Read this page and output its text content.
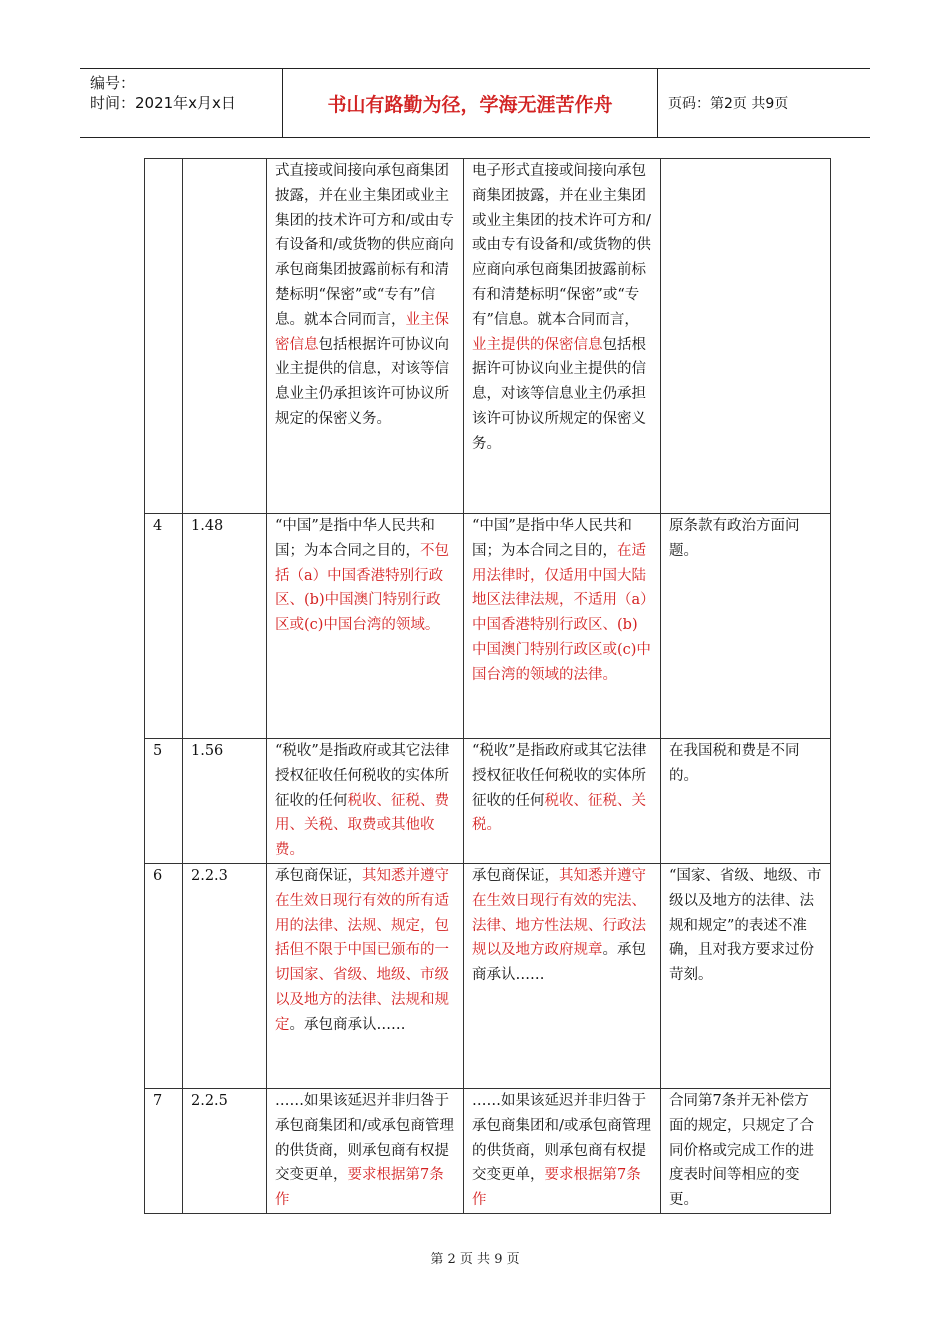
编号：
时间：2021年x月x日	书山有路勤为径，学海无涯苦作舟	页码：第2页 共9页
		式直接或间接向承包商集团披露，并在业主集团或业主集团的技术许可方和/或由专有设备和/或货物的供应商向承包商集团披露前标有和清楚标明“保密”或“专有”信息。就本合同而言，业主保密信息包括根据许可协议向业主提供的信息，对该等信息业主仍承担该许可协议所规定的保密义务。	电子形式直接或间接向承包商集团披露，并在业主集团或业主集团的技术许可方和/或由专有设备和/或货物的供应商向承包商集团披露前标有和清楚标明“保密”或“专有”信息。就本合同而言，业主提供的保密信息包括根据许可协议向业主提供的信息，对该等信息业主仍承担该许可协议所规定的保密义务。	
4	1.48	“中国”是指中华人民共和国；为本合同之目的，不包括（a）中国香港特别行政区、(b)中国澳门特别行政区或(c)中国台湾的领域。	“中国”是指中华人民共和国；为本合同之目的，在适用法律时，仅适用中国大陆地区法律法规，不适用（a）中国香港特别行政区、(b)中国澳门特别行政区或(c)中国台湾的领域的法律。	原条款有政治方面问题。
5	1.56	“税收”是指政府或其它法律授权征收任何税收的实体所征收的任何税收、征税、费用、关税、取费或其他收费。	“税收”是指政府或其它法律授权征收任何税收的实体所征收的任何税收、征税、关税。	在我国税和费是不同的。
6	2.2.3	承包商保证，其知悉并遵守在生效日现行有效的所有适用的法律、法规、规定，包括但不限于中国已颁布的一切国家、省级、地级、市级以及地方的法律、法规和规定。承包商承认……	承包商保证，其知悉并遵守在生效日现行有效的宪法、法律、地方性法规、行政法规以及地方政府规章。承包商承认……	“国家、省级、地级、市级以及地方的法律、法规和规定”的表述不准确，且对我方要求过份苛刻。
7	2.2.5	……如果该延迟并非归咎于承包商集团和/或承包商管理的供货商，则承包商有权提交变更单，要求根据第7条作	……如果该延迟并非归咎于承包商集团和/或承包商管理的供货商，则承包商有权提交变更单，要求根据第7条作	合同第7条并无补偿方面的规定，只规定了合同价格或完成工作的进度表时间等相应的变更。
第 2 页 共 9 页
